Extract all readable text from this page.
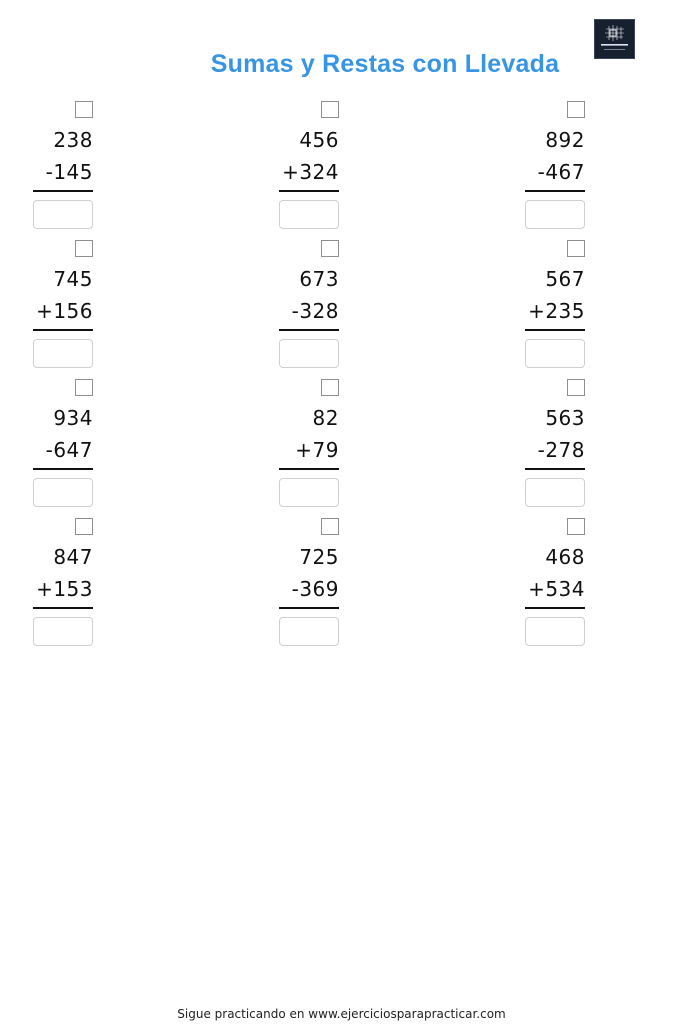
Sumas y Restas con Llevada
238
-145
456
+324
892
-467
745
+156
673
-328
567
+235
934
-647
82
+79
563
-278
847
+153
725
-369
468
+534
Sigue practicando en www.ejerciciosparapracticar.com
